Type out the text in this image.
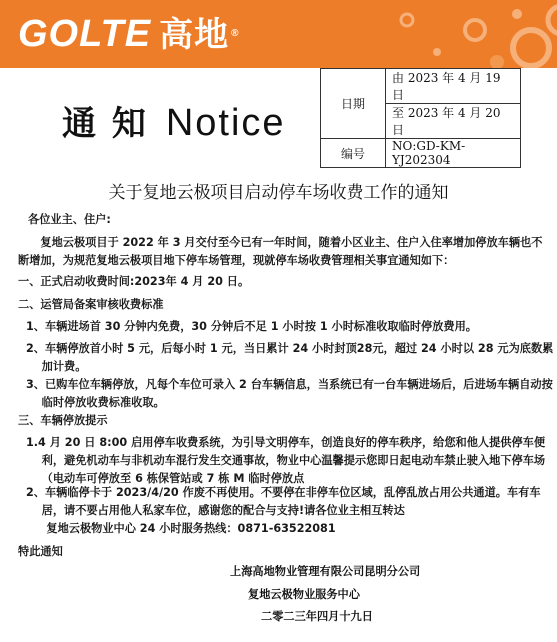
GOLTE 高地 ®
通 知 Notice	日期	由 2023 年 4 月 19 日
	至 2023 年 4 月 20 日
编号	NO:GD-KM-YJ202304
关于复地云极项目启动停车场收费工作的通知
各位业主、住户:
复地云极项目于 2022 年 3 月交付至今已有一年时间，随着小区业主、住户入住率增加停放车辆也不断增加，为规范复地云极项目地下停车场管理，现就停车场收费管理相关事宜通知如下：
一、正式启动收费时间:2023年 4 月 20 日。
二、运管局备案审核收费标准
1、车辆进场首 30 分钟内免费，30 分钟后不足 1 小时按 1 小时标准收取临时停放费用。
2、车辆停放首小时 5 元，后每小时 1 元，当日累计 24 小时封顶28元，超过 24 小时以 28 元为底数累加计费。
3、已购车位车辆停放，凡每个车位可录入 2 台车辆信息，当系统已有一台车辆进场后，后进场车辆自动按临时停放收费标准收取。
三、车辆停放提示
1.4 月 20 日 8:00 启用停车收费系统，为引导文明停车，创造良好的停车秩序，给您和他人提供停车便利，避免机动车与非机动车混行发生交通事故，物业中心温馨提示您即日起电动车禁止驶入地下停车场（电动车可停放至 6 栋保管站或 7 栋 M 临时停放点
2、车辆临停卡于 2023/4/20 作废不再使用。不要停在非停车位区域，乱停乱放占用公共通道。车有车居，请不要占用他人私家车位，感谢您的配合与支持!请各位业主相互转达
复地云极物业中心 24 小时服务热线：0871-63522081
特此通知
上海高地物业管理有限公司昆明分公司
复地云极物业服务中心
二零二三年四月十九日
